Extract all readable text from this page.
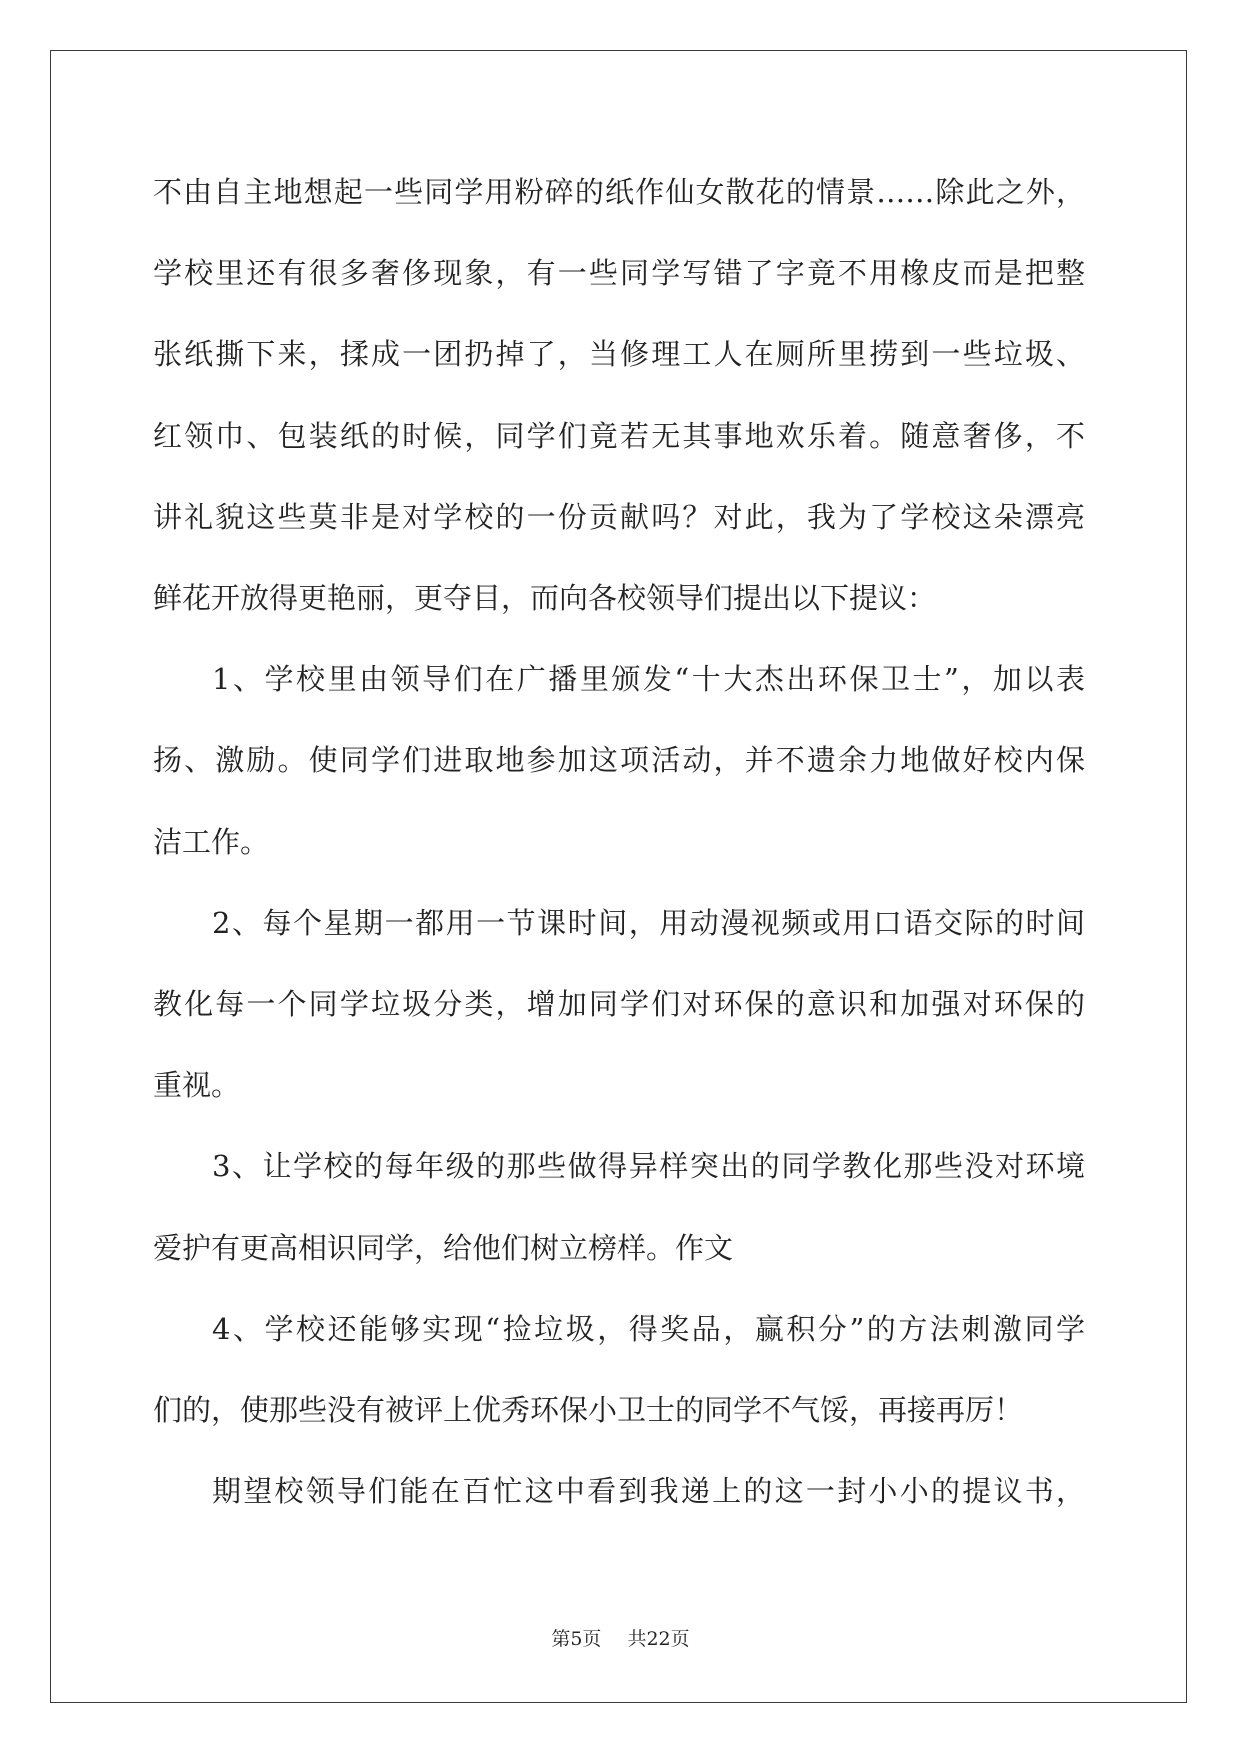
不由自主地想起一些同学用粉碎的纸作仙女散花的情景……除此之外，
学校里还有很多奢侈现象，有一些同学写错了字竟不用橡皮而是把整
张纸撕下来，揉成一团扔掉了，当修理工人在厕所里捞到一些垃圾、
红领巾、包装纸的时候，同学们竟若无其事地欢乐着。随意奢侈，不
讲礼貌这些莫非是对学校的一份贡献吗？对此，我为了学校这朵漂亮
鲜花开放得更艳丽，更夺目，而向各校领导们提出以下提议：
1、学校里由领导们在广播里颁发“十大杰出环保卫士”，加以表
扬、激励。使同学们进取地参加这项活动，并不遗余力地做好校内保
洁工作。
2、每个星期一都用一节课时间，用动漫视频或用口语交际的时间
教化每一个同学垃圾分类，增加同学们对环保的意识和加强对环保的
重视。
3、让学校的每年级的那些做得异样突出的同学教化那些没对环境
爱护有更高相识同学，给他们树立榜样。作文
4、学校还能够实现“捡垃圾，得奖品，赢积分”的方法刺激同学
们的，使那些没有被评上优秀环保小卫士的同学不气馁，再接再厉！
期望校领导们能在百忙这中看到我递上的这一封小小的提议书，
第5页 共22页
